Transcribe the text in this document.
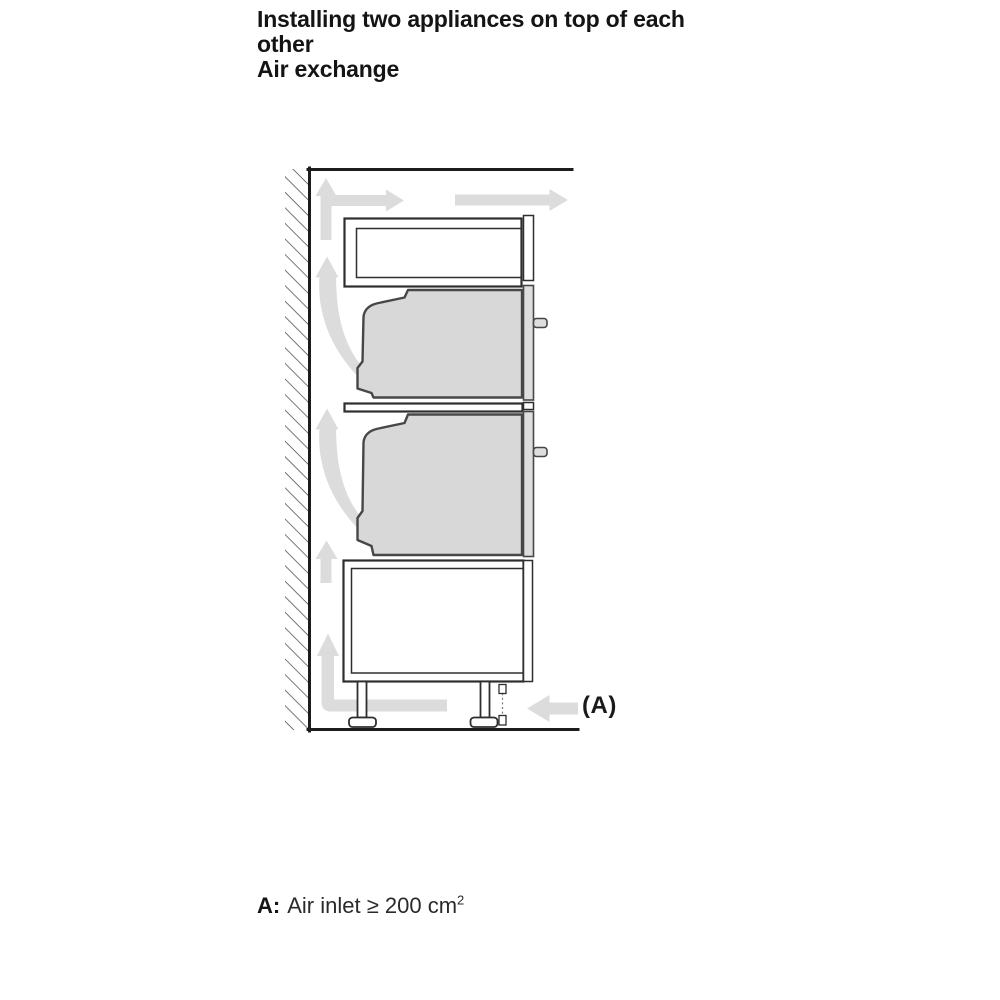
Installing two appliances on top of each other
Air exchange
(A)
A: Air inlet ≥ 200 $cm^2$
